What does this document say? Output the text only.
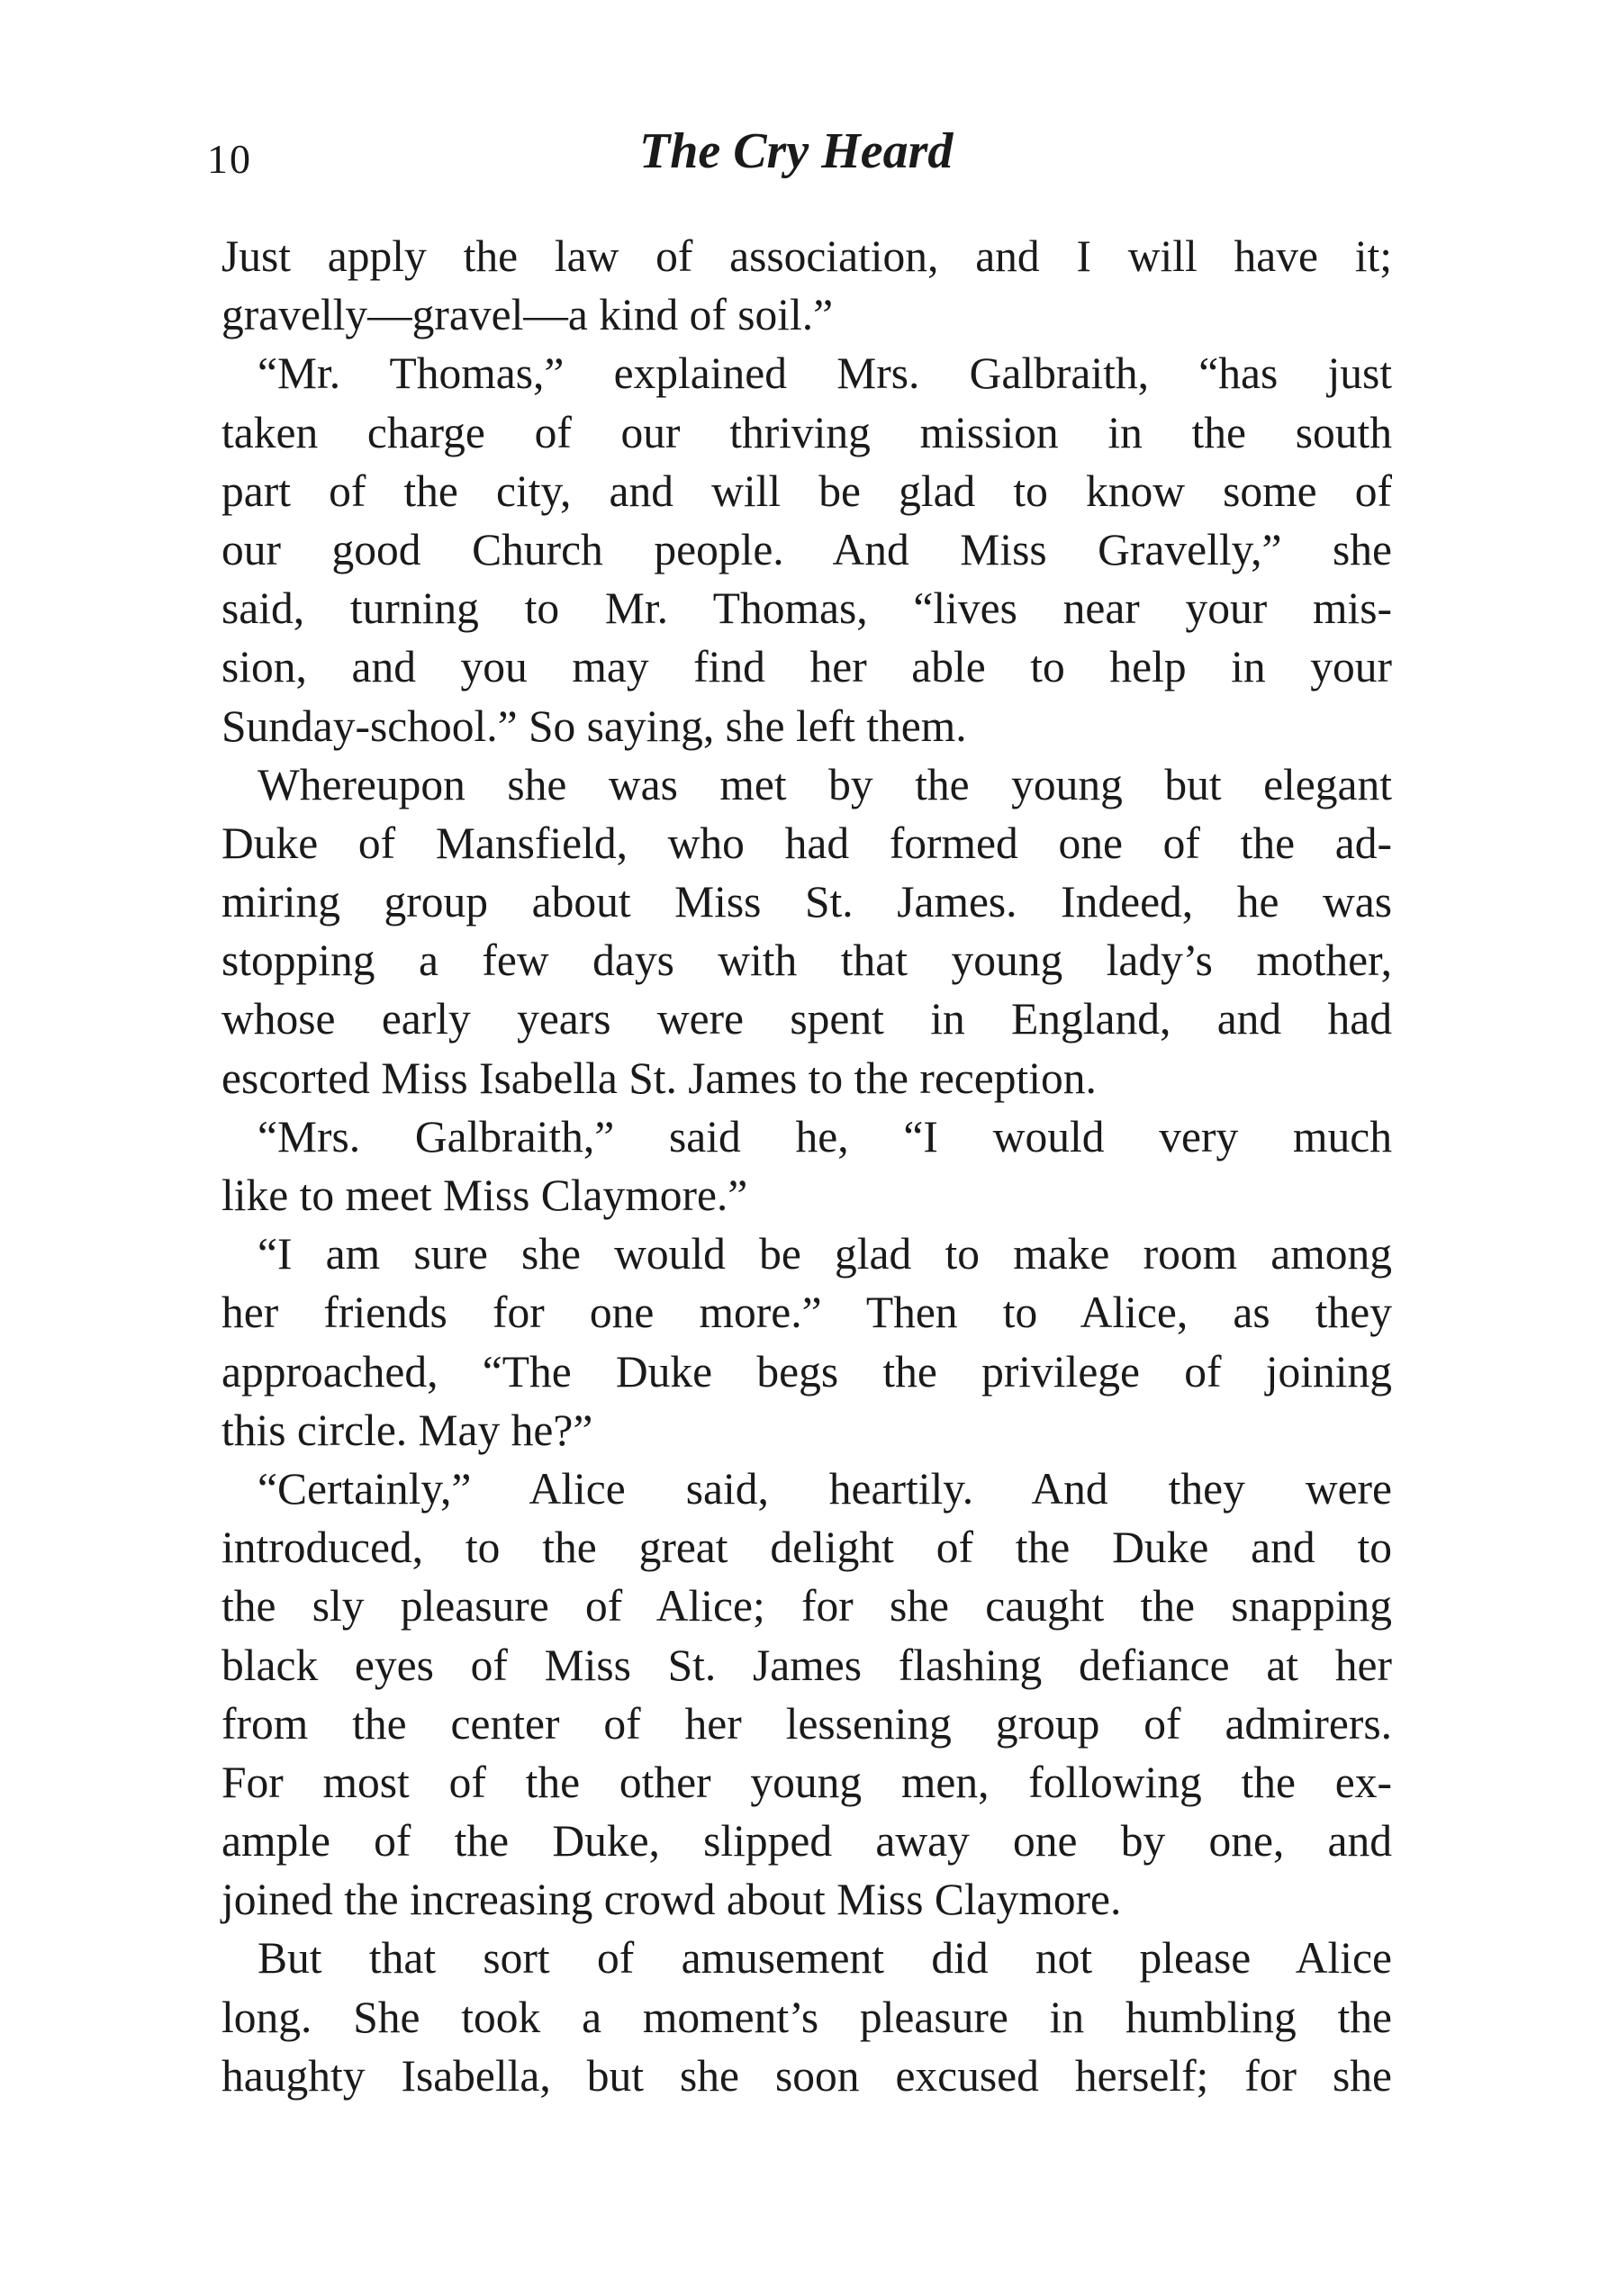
10	The Cry Heard
Just apply the law of association, and I will have it;
gravelly—gravel—a kind of soil.”
“Mr. Thomas,” explained Mrs. Galbraith, “has just
taken charge of our thriving mission in the south
part of the city, and will be glad to know some of
our good Church people. And Miss Gravelly,” she
said, turning to Mr. Thomas, “lives near your mis-
sion, and you may find her able to help in your
Sunday-school.” So saying, she left them.
Whereupon she was met by the young but elegant
Duke of Mansfield, who had formed one of the ad-
miring group about Miss St. James. Indeed, he was
stopping a few days with that young lady’s mother,
whose early years were spent in England, and had
escorted Miss Isabella St. James to the reception.
“Mrs. Galbraith,” said he, “I would very much
like to meet Miss Claymore.”
“I am sure she would be glad to make room among
her friends for one more.” Then to Alice, as they
approached, “The Duke begs the privilege of joining
this circle. May he?”
“Certainly,” Alice said, heartily. And they were
introduced, to the great delight of the Duke and to
the sly pleasure of Alice; for she caught the snapping
black eyes of Miss St. James flashing defiance at her
from the center of her lessening group of admirers.
For most of the other young men, following the ex-
ample of the Duke, slipped away one by one, and
joined the increasing crowd about Miss Claymore.
But that sort of amusement did not please Alice
long. She took a moment’s pleasure in humbling the
haughty Isabella, but she soon excused herself; for she
